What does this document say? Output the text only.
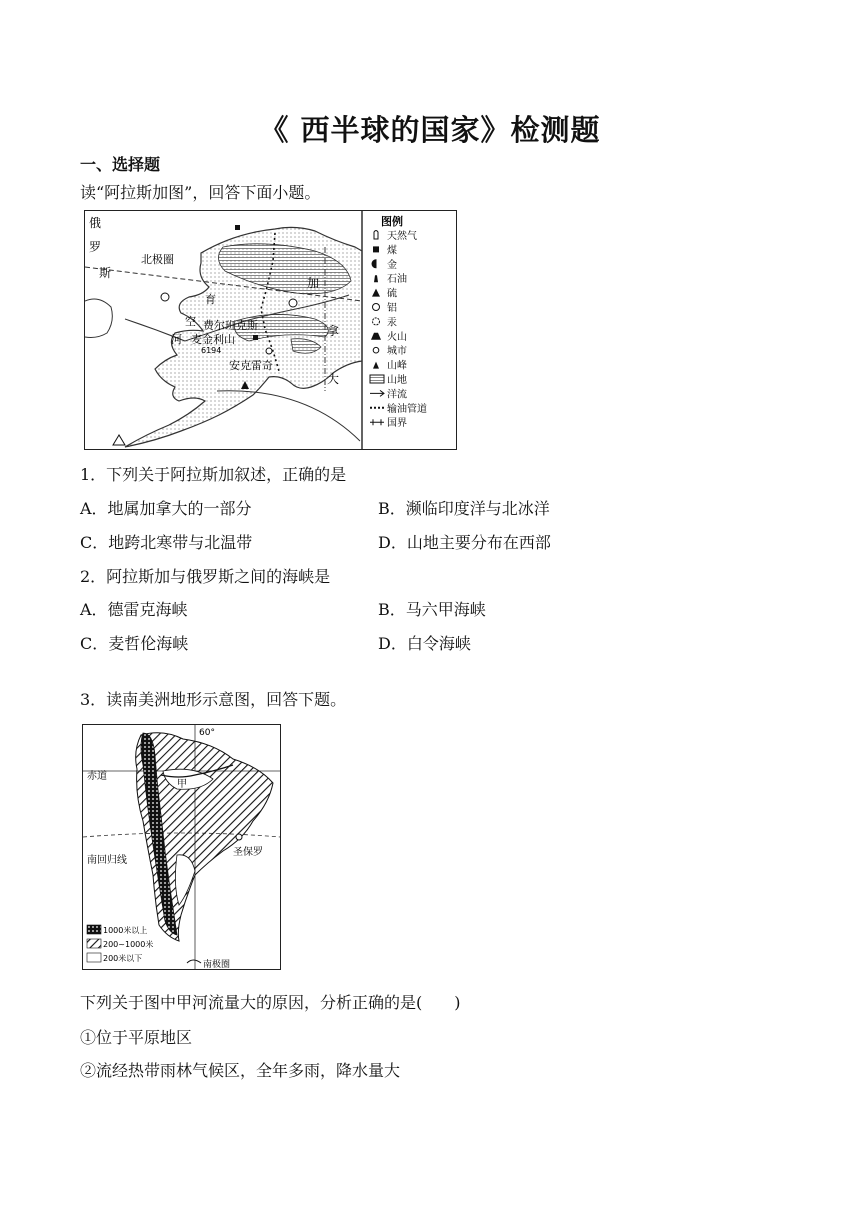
《 西半球的国家》检测题
一、选择题
读“阿拉斯加图”，回答下面小题。
俄
罗
斯
北极圈
育
空
河
费尔班克斯
麦金利山
6194
安克雷奇
加
拿
大
图例
天然气
煤
金
石油
硫
铝
汞
火山
城市
山峰
山地
洋流
输油管道
国界
1．下列关于阿拉斯加叙述，正确的是
A．地属加拿大的一部分	B．濒临印度洋与北冰洋
C．地跨北寒带与北温带	D．山地主要分布在西部
2．阿拉斯加与俄罗斯之间的海峡是
A．德雷克海峡	B．马六甲海峡
C．麦哲伦海峡	D．白令海峡
3．读南美洲地形示意图，回答下题。
60°
赤道
甲
南回归线
圣保罗
南极圈
1000米以上
200~1000米
200米以下
下列关于图中甲河流量大的原因，分析正确的是(　　)
①位于平原地区
②流经热带雨林气候区，全年多雨，降水量大
